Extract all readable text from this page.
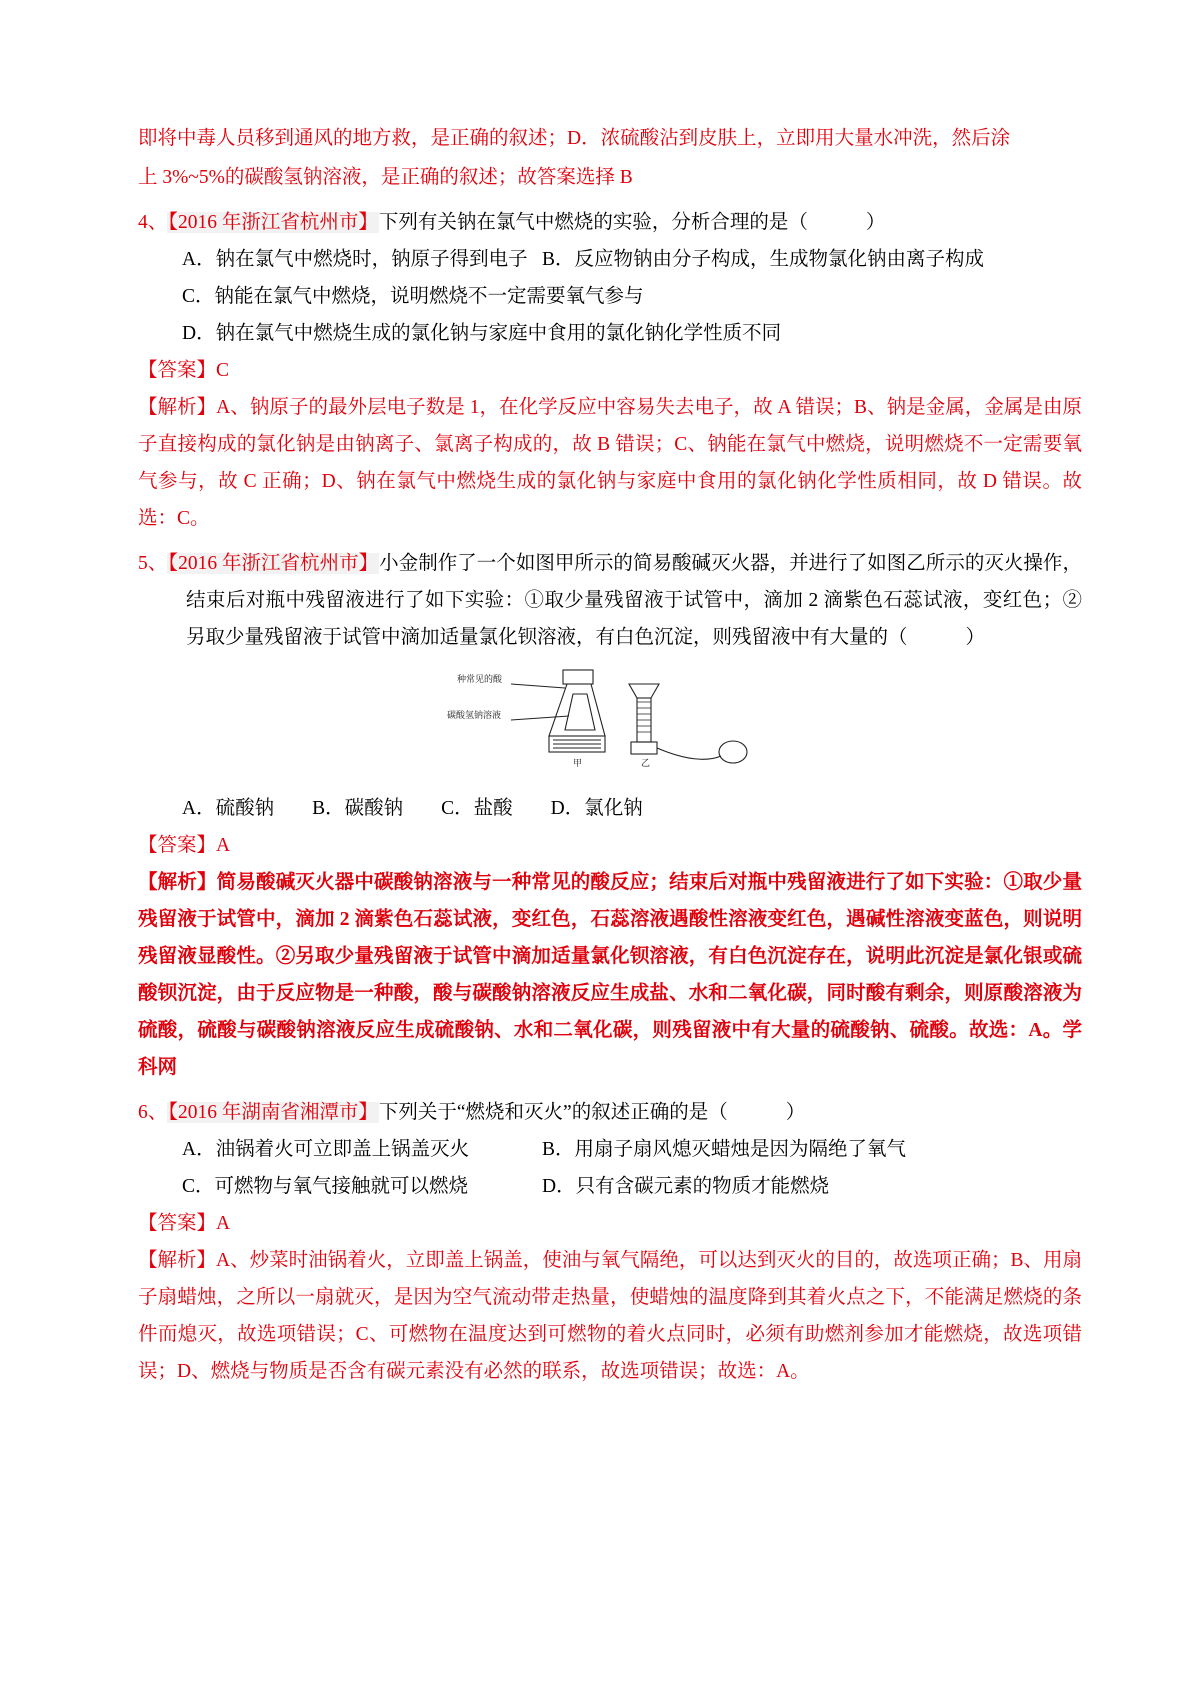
即将中毒人员移到通风的地方救，是正确的叙述；D．浓硫酸沾到皮肤上，立即用大量水冲洗，然后涂

上 3%~5%的碳酸氢钠溶液，是正确的叙述；故答案选择 B

4、【2016 年浙江省杭州市】下列有关钠在氯气中燃烧的实验，分析合理的是（	）

A．钠在氯气中燃烧时，钠原子得到电子 B．反应物钠由分子构成，生成物氯化钠由离子构成

C．钠能在氯气中燃烧，说明燃烧不一定需要氧气参与

D．钠在氯气中燃烧生成的氯化钠与家庭中食用的氯化钠化学性质不同

【答案】C

【解析】A、钠原子的最外层电子数是 1，在化学反应中容易失去电子，故 A 错误；B、钠是金属，金属是由原子直接构成的氯化钠是由钠离子、氯离子构成的，故 B 错误；C、钠能在氯气中燃烧，说明燃烧不一定需要氧气参与，故 C 正确；D、钠在氯气中燃烧生成的氯化钠与家庭中食用的氯化钠化学性质相同，故 D 错误。故选：C。

5、【2016 年浙江省杭州市】小金制作了一个如图甲所示的简易酸碱灭火器，并进行了如图乙所示的灭火操作，结束后对瓶中残留液进行了如下实验：①取少量残留液于试管中，滴加 2 滴紫色石蕊试液，变红色；②另取少量残留液于试管中滴加适量氯化钡溶液，有白色沉淀，则残留液中有大量的（	）

种常见的酸
碳酸氢钠溶液
甲	乙

A．硫酸钠 B．碳酸钠 C．盐酸 D．氯化钠

【答案】A

【解析】简易酸碱灭火器中碳酸钠溶液与一种常见的酸反应；结束后对瓶中残留液进行了如下实验：①取少量残留液于试管中，滴加 2 滴紫色石蕊试液，变红色，石蕊溶液遇酸性溶液变红色，遇碱性溶液变蓝色，则说明残留液显酸性。②另取少量残留液于试管中滴加适量氯化钡溶液，有白色沉淀存在，说明此沉淀是氯化银或硫酸钡沉淀，由于反应物是一种酸，酸与碳酸钠溶液反应生成盐、水和二氧化碳，同时酸有剩余，则原酸溶液为硫酸，硫酸与碳酸钠溶液反应生成硫酸钠、水和二氧化碳，则残留液中有大量的硫酸钠、硫酸。故选：A。学科网

6、【2016 年湖南省湘潭市】下列关于“燃烧和灭火”的叙述正确的是（	）

A．油锅着火可立即盖上锅盖灭火	B．用扇子扇风熄灭蜡烛是因为隔绝了氧气
C．可燃物与氧气接触就可以燃烧	D．只有含碳元素的物质才能燃烧

【答案】A

【解析】A、炒菜时油锅着火，立即盖上锅盖，使油与氧气隔绝，可以达到灭火的目的，故选项正确；B、用扇子扇蜡烛，之所以一扇就灭，是因为空气流动带走热量，使蜡烛的温度降到其着火点之下，不能满足燃烧的条件而熄灭，故选项错误；C、可燃物在温度达到可燃物的着火点同时，必须有助燃剂参加才能燃烧，故选项错误；D、燃烧与物质是否含有碳元素没有必然的联系，故选项错误；故选：A。
